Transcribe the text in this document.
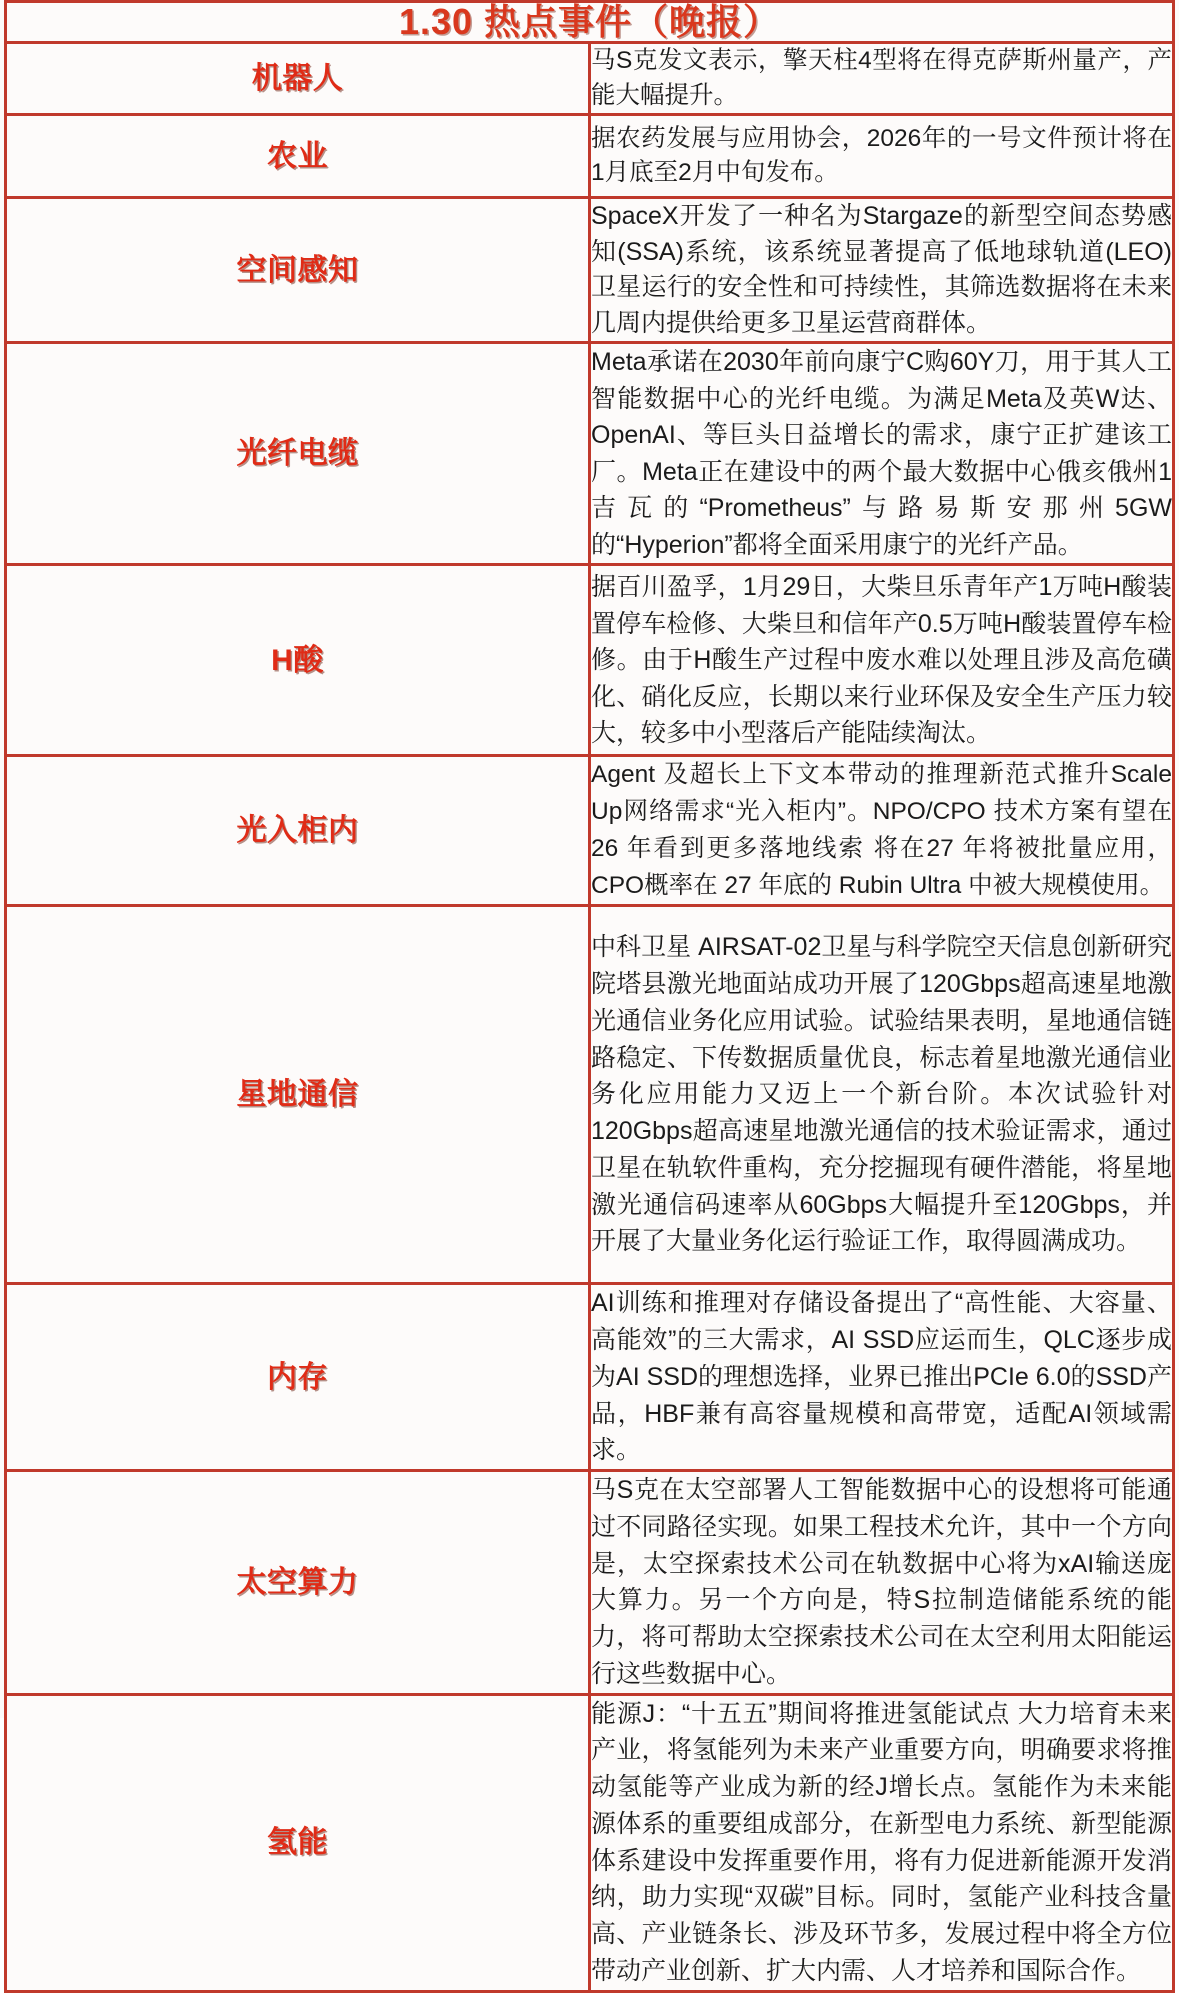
1.30 热点事件（晚报）	
机器人	马S克发文表示，擎天柱4型将在得克萨斯州量产，产能大幅提升。

农业	据农药发展与应用协会，2026年的一号文件预计将在1月底至2月中旬发布。

空间感知	SpaceX开发了一种名为Stargaze的新型空间态势感知(SSA)系统，该系统显著提高了低地球轨道(LEO)卫星运行的安全性和可持续性，其筛选数据将在未来几周内提供给更多卫星运营商群体。

光纤电缆	Meta承诺在2030年前向康宁C购60Y刀，用于其人工智能数据中心的光纤电缆。为满足Meta及英W达、OpenAI、等巨头日益增长的需求，康宁正扩建该工厂。Meta正在建设中的两个最大数据中心俄亥俄州1吉瓦的“Prometheus”与路易斯安那州5GW的“Hyperion”都将全面采用康宁的光纤产品。

H酸	据百川盈孚，1月29日，大柴旦乐青年产1万吨H酸装置停车检修、大柴旦和信年产0.5万吨H酸装置停车检修。由于H酸生产过程中废水难以处理且涉及高危磺化、硝化反应，长期以来行业环保及安全生产压力较大，较多中小型落后产能陆续淘汰。

光入柜内	Agent 及超长上下文本带动的推理新范式推升Scale Up网络需求“光入柜内”。NPO/CPO 技术方案有望在 26 年看到更多落地线索 将在27 年将被批量应用，CPO概率在 27 年底的 Rubin Ultra 中被大规模使用。

星地通信	中科卫星 AIRSAT-02卫星与科学院空天信息创新研究院塔县激光地面站成功开展了120Gbps超高速星地激光通信业务化应用试验。试验结果表明，星地通信链路稳定、下传数据质量优良，标志着星地激光通信业务化应用能力又迈上一个新台阶。本次试验针对120Gbps超高速星地激光通信的技术验证需求，通过卫星在轨软件重构，充分挖掘现有硬件潜能，将星地激光通信码速率从60Gbps大幅提升至120Gbps，并开展了大量业务化运行验证工作，取得圆满成功。

内存	AI训练和推理对存储设备提出了“高性能、大容量、高能效”的三大需求，AI SSD应运而生，QLC逐步成为AI SSD的理想选择，业界已推出PCIe 6.0的SSD产品，HBF兼有高容量规模和高带宽，适配AI领域需求。

太空算力	马S克在太空部署人工智能数据中心的设想将可能通过不同路径实现。如果工程技术允许，其中一个方向是，太空探索技术公司在轨数据中心将为xAI输送庞大算力。另一个方向是，特S拉制造储能系统的能力，将可帮助太空探索技术公司在太空利用太阳能运行这些数据中心。

氢能	能源J：“十五五”期间将推进氢能试点 大力培育未来产业，将氢能列为未来产业重要方向，明确要求将推动氢能等产业成为新的经J增长点。氢能作为未来能源体系的重要组成部分，在新型电力系统、新型能源体系建设中发挥重要作用，将有力促进新能源开发消纳，助力实现“双碳”目标。同时，氢能产业科技含量高、产业链条长、涉及环节多，发展过程中将全方位带动产业创新、扩大内需、人才培养和国际合作。
